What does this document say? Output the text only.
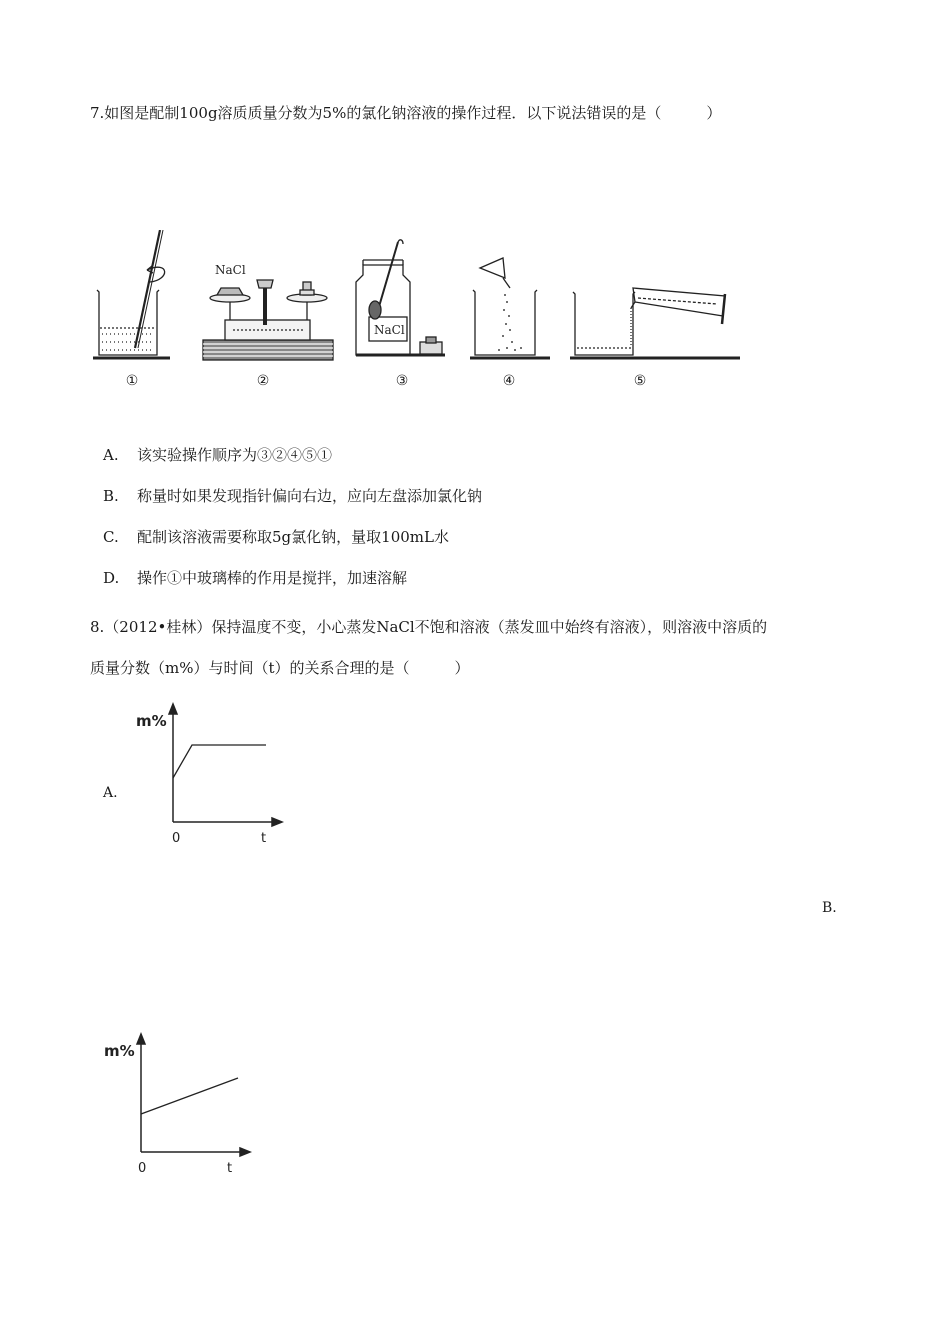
7.如图是配制100g溶质质量分数为5%的氯化钠溶液的操作过程．以下说法错误的是（　　　）
NaCl
NaCl
①	②	③	④	⑤
A. 该实验操作顺序为③②④⑤①
B. 称量时如果发现指针偏向右边，应向左盘添加氯化钠
C. 配制该溶液需要称取5g氯化钠，量取100mL水
D. 操作①中玻璃棒的作用是搅拌，加速溶解
8.（2012•桂林）保持温度不变，小心蒸发NaCl不饱和溶液（蒸发皿中始终有溶液），则溶液中溶质的
质量分数（m%）与时间（t）的关系合理的是（　　　）
A.
m%
0	t
B.
m%
0	t
